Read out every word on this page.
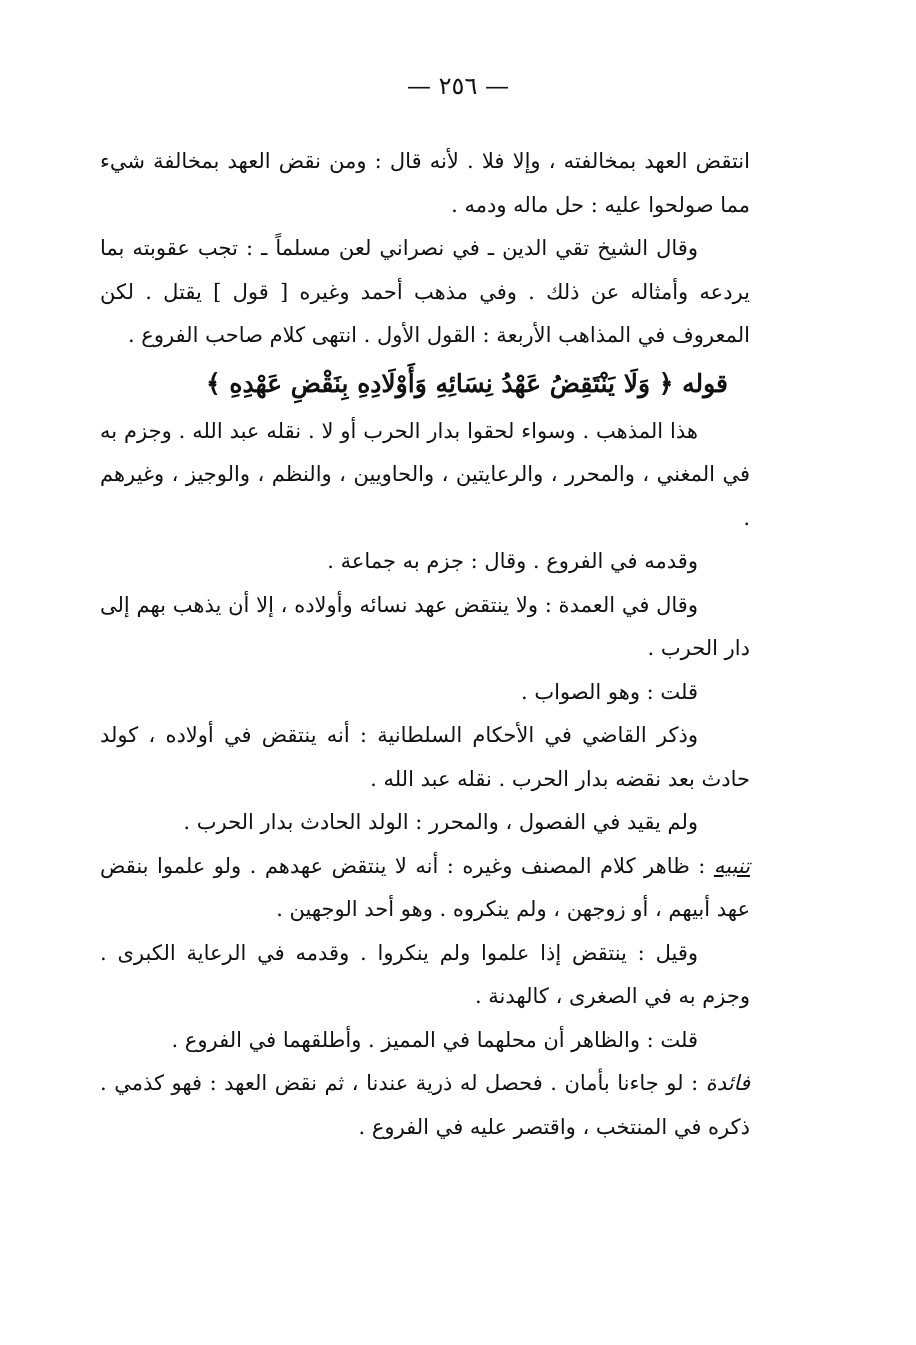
— ٢٥٦ —

انتقض العهد بمخالفته ، وإلا فلا . لأنه قال : ومن نقض العهد بمخالفة شيء مما صولحوا عليه : حل ماله ودمه .

وقال الشيخ تقي الدين ـ في نصراني لعن مسلماً ـ : تجب عقوبته بما يردعه وأمثاله عن ذلك . وفي مذهب أحمد وغيره [ قول ] يقتل . لكن المعروف في المذاهب الأربعة : القول الأول . انتهى كلام صاحب الفروع .

قوله ﴿ وَلَا يَنْتَقِضُ عَهْدُ نِسَائِهِ وَأَوْلَادِهِ بِنَقْضِ عَهْدِهِ ﴾

هذا المذهب . وسواء لحقوا بدار الحرب أو لا . نقله عبد الله . وجزم به في المغني ، والمحرر ، والرعايتين ، والحاويين ، والنظم ، والوجيز ، وغيرهم .

وقدمه في الفروع . وقال : جزم به جماعة .

وقال في العمدة : ولا ينتقض عهد نسائه وأولاده ، إلا أن يذهب بهم إلى دار الحرب .

قلت : وهو الصواب .

وذكر القاضي في الأحكام السلطانية : أنه ينتقض في أولاده ، كولد حادث بعد نقضه بدار الحرب . نقله عبد الله .

ولم يقيد في الفصول ، والمحرر : الولد الحادث بدار الحرب .

تنبيه : ظاهر كلام المصنف وغيره : أنه لا ينتقض عهدهم . ولو علموا بنقض عهد أبيهم ، أو زوجهن ، ولم ينكروه . وهو أحد الوجهين .

وقيل : ينتقض إذا علموا ولم ينكروا . وقدمه في الرعاية الكبرى . وجزم به في الصغرى ، كالهدنة .

قلت : والظاهر أن محلهما في المميز . وأطلقهما في الفروع .

فائدة : لو جاءنا بأمان . فحصل له ذرية عندنا ، ثم نقض العهد : فهو كذمي . ذكره في المنتخب ، واقتصر عليه في الفروع .
